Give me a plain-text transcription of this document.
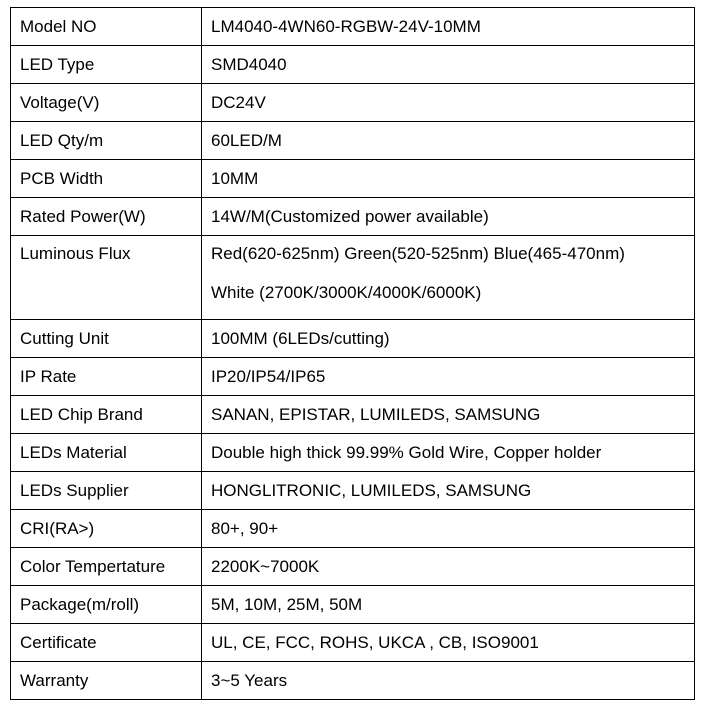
Model NO	LM4040-4WN60-RGBW-24V-10MM
LED Type	SMD4040
Voltage(V)	DC24V
LED Qty/m	60LED/M
PCB Width	10MM
Rated Power(W)	14W/M(Customized power available)
Luminous Flux	Red(620-625nm) Green(520-525nm) Blue(465-470nm)
White (2700K/3000K/4000K/6000K)

Cutting Unit	100MM (6LEDs/cutting)
IP Rate	IP20/IP54/IP65
LED Chip Brand	SANAN, EPISTAR, LUMILEDS, SAMSUNG
LEDs Material	Double high thick 99.99% Gold Wire, Copper holder
LEDs Supplier	HONGLITRONIC, LUMILEDS, SAMSUNG
CRI(RA>)	80+, 90+
Color Tempertature	2200K~7000K
Package(m/roll)	5M, 10M, 25M, 50M
Certificate	UL, CE, FCC, ROHS, UKCA , CB, ISO9001
Warranty	3~5 Years
